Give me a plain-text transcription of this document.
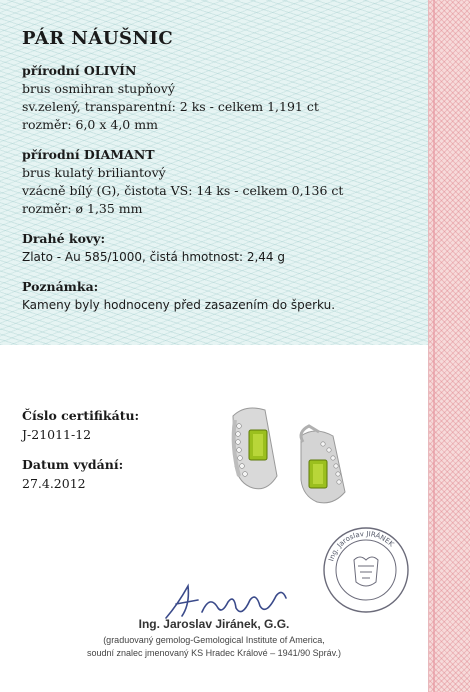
PÁR NÁUŠNIC
přírodní OLIVÍN
brus osmihran stupňový
sv.zelený, transparentní: 2 ks - celkem 1,191 ct
rozměr: 6,0 x 4,0 mm
přírodní DIAMANT
brus kulatý briliantový
vzácně bílý (G), čistota VS: 14 ks - celkem 0,136 ct
rozměr: ø 1,35 mm
Drahé kovy:
Zlato - Au 585/1000, čistá hmotnost: 2,44 g
Poznámka:
Kameny byly hodnoceny před zasazením do šperku.
Číslo certifikátu:
J-21011-12
Datum vydání:
27.4.2012
Ing. Jaroslav Jiránek, G.G.
(graduovaný gemolog-Gemological Institute of America,
soudní znalec jmenovaný KS Hradec Králové – 1941/90 Správ.)
Ing. Jaroslav JIRÁNEK
